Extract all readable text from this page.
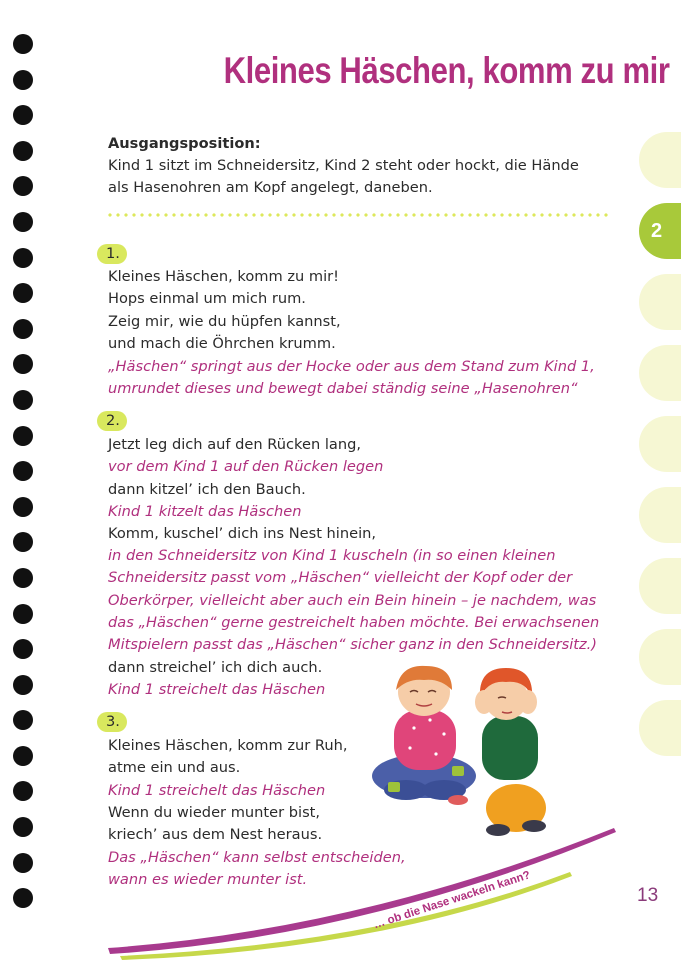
2
Kleines Häschen, komm zu mir
Ausgangsposition:
Kind 1 sitzt im Schneidersitz, Kind 2 steht oder hockt, die Hände
als Hasenohren am Kopf angelegt, daneben.
1.
Kleines Häschen, komm zu mir!
Hops einmal um mich rum.
Zeig mir, wie du hüpfen kannst,
und mach die Öhrchen krumm.
„Häschen“ springt aus der Hocke oder aus dem Stand zum Kind 1,
umrundet dieses und bewegt dabei ständig seine „Hasenohren“
2.
Jetzt leg dich auf den Rücken lang,
vor dem Kind 1 auf den Rücken legen
dann kitzel’ ich den Bauch.
Kind 1 kitzelt das Häschen
Komm, kuschel’ dich ins Nest hinein,
in den Schneidersitz von Kind 1 kuscheln (in so einen kleinen
Schneidersitz passt vom „Häschen“ vielleicht der Kopf oder der
Oberkörper, vielleicht aber auch ein Bein hinein – je nachdem, was
das „Häschen“ gerne gestreichelt haben möchte. Bei erwachsenen
Mitspielern passt das „Häschen“ sicher ganz in den Schneidersitz.)
dann streichel’ ich dich auch.
Kind 1 streichelt das Häschen
3.
Kleines Häschen, komm zur Ruh,
atme ein und aus.
Kind 1 streichelt das Häschen
Wenn du wieder munter bist,
kriech’ aus dem Nest heraus.
Das „Häschen“ kann selbst entscheiden,
wann es wieder munter ist.	… ob die Nase wackeln kann?	13
